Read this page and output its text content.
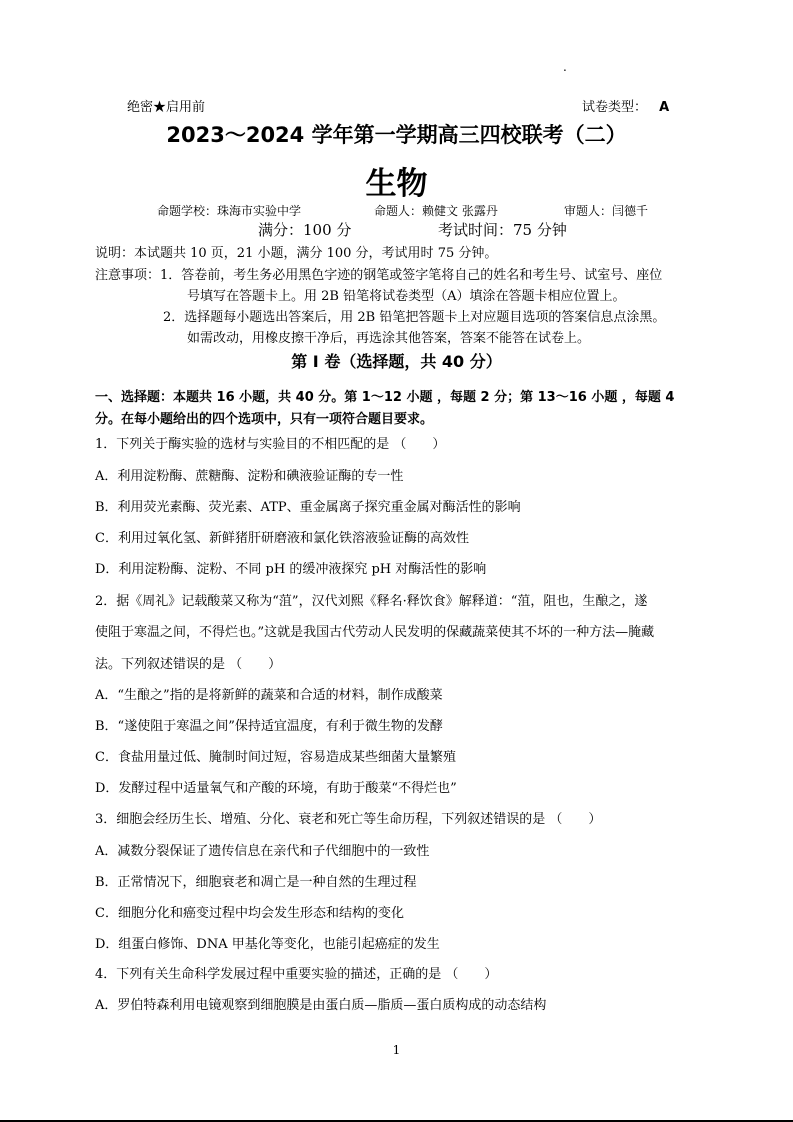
.
绝密★启用前	试卷类型： A
2023～2024 学年第一学期高三四校联考（二）
生物
命题学校：珠海市实验中学	命题人：赖健文 张露丹	审题人：闫德千
满分：100 分	考试时间：75 分钟
说明：本试题共 10 页，21 小题，满分 100 分，考试用时 75 分钟。
注意事项：1．答卷前，考生务必用黑色字迹的钢笔或签字笔将自己的姓名和考生号、试室号、座位
号填写在答题卡上。用 2B 铅笔将试卷类型（A）填涂在答题卡相应位置上。
2．选择题每小题选出答案后，用 2B 铅笔把答题卡上对应题目选项的答案信息点涂黑。
如需改动，用橡皮擦干净后，再选涂其他答案，答案不能答在试卷上。
第 I 卷（选择题，共 40 分）
一、选择题：本题共 16 小题，共 40 分。第 1～12 小题 ，每题 2 分；第 13～16 小题 ，每题 4
分。在每小题给出的四个选项中，只有一项符合题目要求。
1．下列关于酶实验的选材与实验目的不相匹配的是 （　　）
A．利用淀粉酶、蔗糖酶、淀粉和碘液验证酶的专一性
B．利用荧光素酶、荧光素、ATP、重金属离子探究重金属对酶活性的影响
C．利用过氧化氢、新鲜猪肝研磨液和氯化铁溶液验证酶的高效性
D．利用淀粉酶、淀粉、不同 pH 的缓冲液探究 pH 对酶活性的影响
2．据《周礼》记载酸菜又称为“菹”，汉代刘熙《释名·释饮食》解释道：“菹，阻也，生酿之，遂
使阻于寒温之间，不得烂也。”这就是我国古代劳动人民发明的保藏蔬菜使其不坏的一种方法—腌藏
法。下列叙述错误的是 （　　）
A．“生酿之”指的是将新鲜的蔬菜和合适的材料，制作成酸菜
B．“遂使阻于寒温之间”保持适宜温度，有利于微生物的发酵
C．食盐用量过低、腌制时间过短，容易造成某些细菌大量繁殖
D．发酵过程中适量氧气和产酸的环境，有助于酸菜“不得烂也”
3．细胞会经历生长、增殖、分化、衰老和死亡等生命历程，下列叙述错误的是 （　　）
A．减数分裂保证了遗传信息在亲代和子代细胞中的一致性
B．正常情况下，细胞衰老和凋亡是一种自然的生理过程
C．细胞分化和癌变过程中均会发生形态和结构的变化
D．组蛋白修饰、DNA 甲基化等变化，也能引起癌症的发生
4．下列有关生命科学发展过程中重要实验的描述，正确的是 （　　）
A．罗伯特森利用电镜观察到细胞膜是由蛋白质—脂质—蛋白质构成的动态结构
1
